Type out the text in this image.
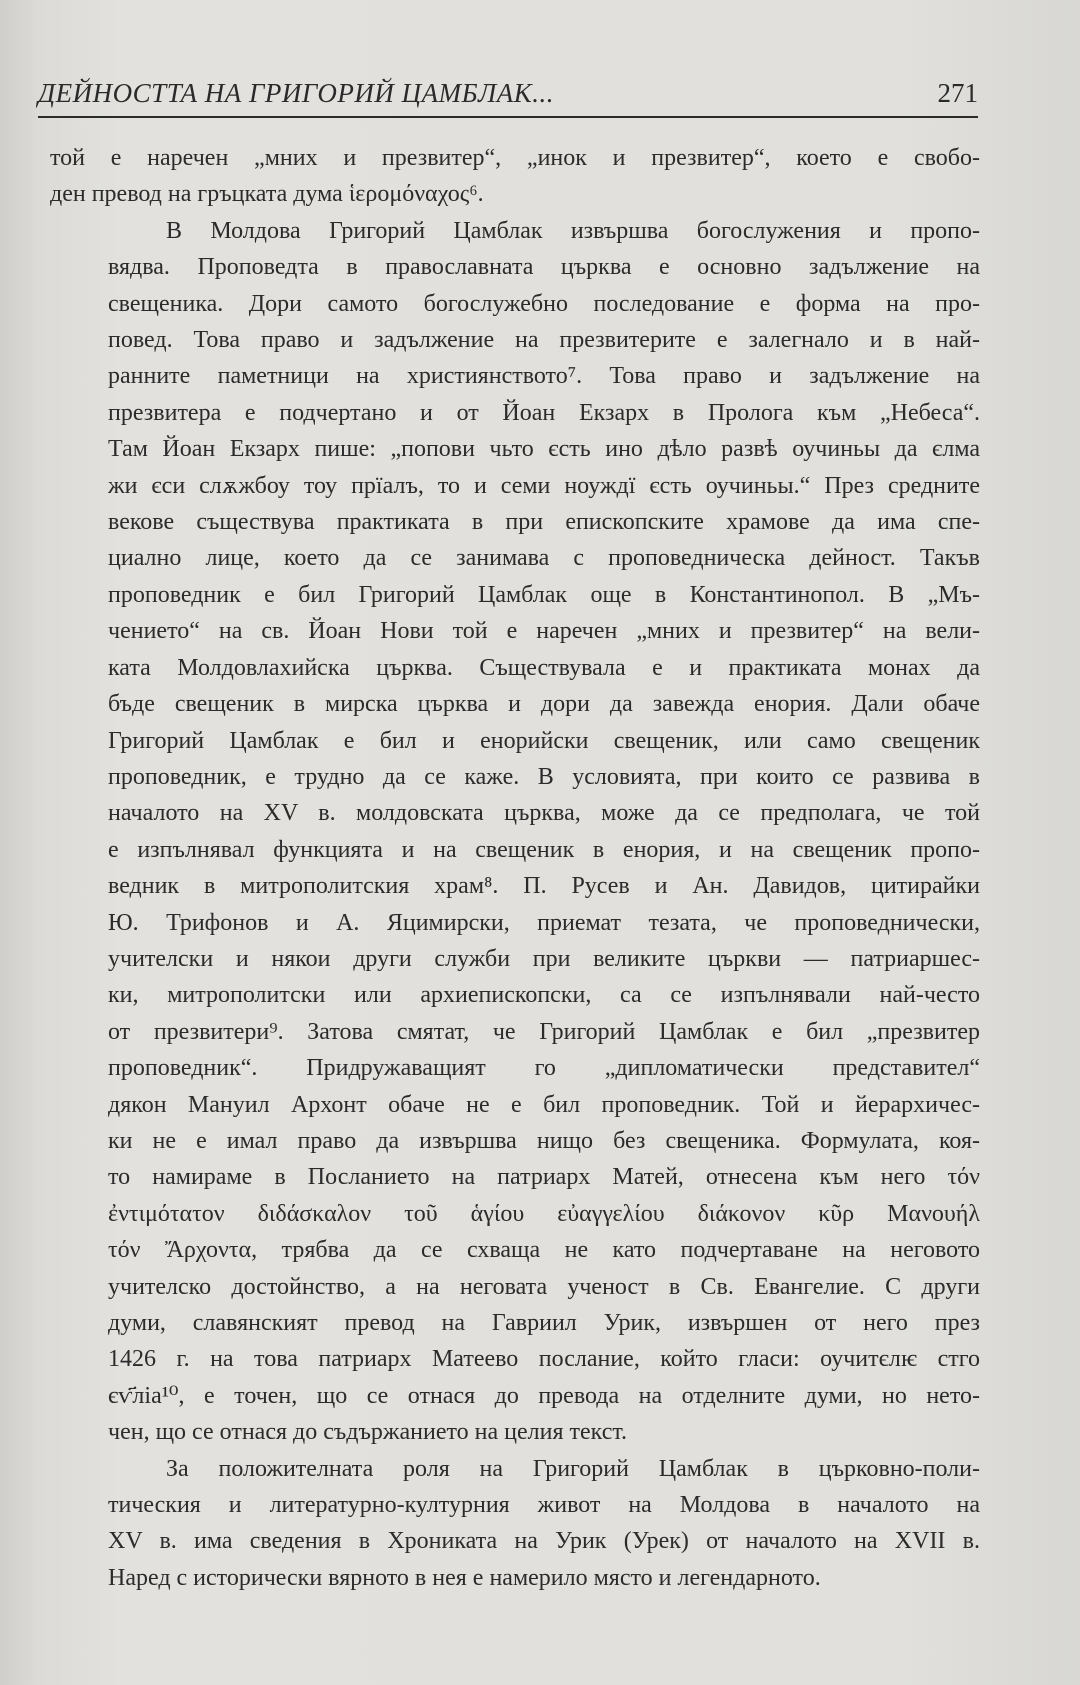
ДЕЙНОСТТА НА ГРИГОРИЙ ЦАМБЛАК...	271

той е наречен „мних и презвитер“, „инок и презвитер“, което е свобо-
ден превод на гръцката дума ἱερομόναχος⁶.

В Молдова Григорий Цамблак извършва богослужения и пропо-
вядва. Проповедта в православната църква е основно задължение на
свещеника. Дори самото богослужебно последование е форма на про-
повед. Това право и задължение на презвитерите е залегнало и в най-
ранните паметници на християнството⁷. Това право и задължение на
презвитера е подчертано и от Йоан Екзарх в Пролога към „Небеса“.
Там Йоан Екзарх пише: „попови чьто єсть ино дѣло развѣ оучиньы да єлма
жи єси слѫжбоу тоу прїалъ, то и семи ноуждї єсть оучиньы.“ През средните
векове съществува практиката в при епископските храмове да има спе-
циално лице, което да се занимава с проповедническа дейност. Такъв
проповедник е бил Григорий Цамблак още в Константинопол. В „Мъ-
чението“ на св. Йоан Нови той е наречен „мних и презвитер“ на вели-
ката Молдовлахийска църква. Съществувала е и практиката монах да
бъде свещеник в мирска църква и дори да завежда енория. Дали обаче
Григорий Цамблак е бил и енорийски свещеник, или само свещеник
проповедник, е трудно да се каже. В условията, при които се развива в
началото на XV в. молдовската църква, може да се предполага, че той
е изпълнявал функцията и на свещеник в енория, и на свещеник пропо-
ведник в митрополитския храм⁸. П. Русев и Ан. Давидов, цитирайки
Ю. Трифонов и А. Яцимирски, приемат тезата, че проповеднически,
учителски и някои други служби при великите църкви — патриаршес-
ки, митрополитски или архиепископски, са се изпълнявали най-често
от презвитери⁹. Затова смятат, че Григорий Цамблак е бил „презвитер
проповедник“. Придружаващият го „дипломатически представител“
дякон Мануил Архонт обаче не е бил проповедник. Той и йерархичес-
ки не е имал право да извършва нищо без свещеника. Формулата, коя-
то намираме в Посланието на патриарх Матей, отнесена към него τόν
ἐντιμότατον διδάσκαλον τοῦ ἁγίου εὐαγγελίου διάκονον κῦρ Μανουήλ
τόν Ἄρχοντα, трябва да се схваща не като подчертаване на неговото
учителско достойнство, а на неговата ученост в Св. Евангелие. С други
думи, славянският превод на Гавриил Урик, извършен от него през
1426 г. на това патриарх Матеево послание, който гласи: оучитєлѥ стго
єѵ҃ліа¹⁰, е точен, що се отнася до превода на отделните думи, но нето-
чен, що се отнася до съдържанието на целия текст.

За положителната роля на Григорий Цамблак в църковно-поли-
тическия и литературно-културния живот на Молдова в началото на
XV в. има сведения в Хрониката на Урик (Урек) от началото на XVII в.
Наред с исторически вярното в нея е намерило място и легендарното.
